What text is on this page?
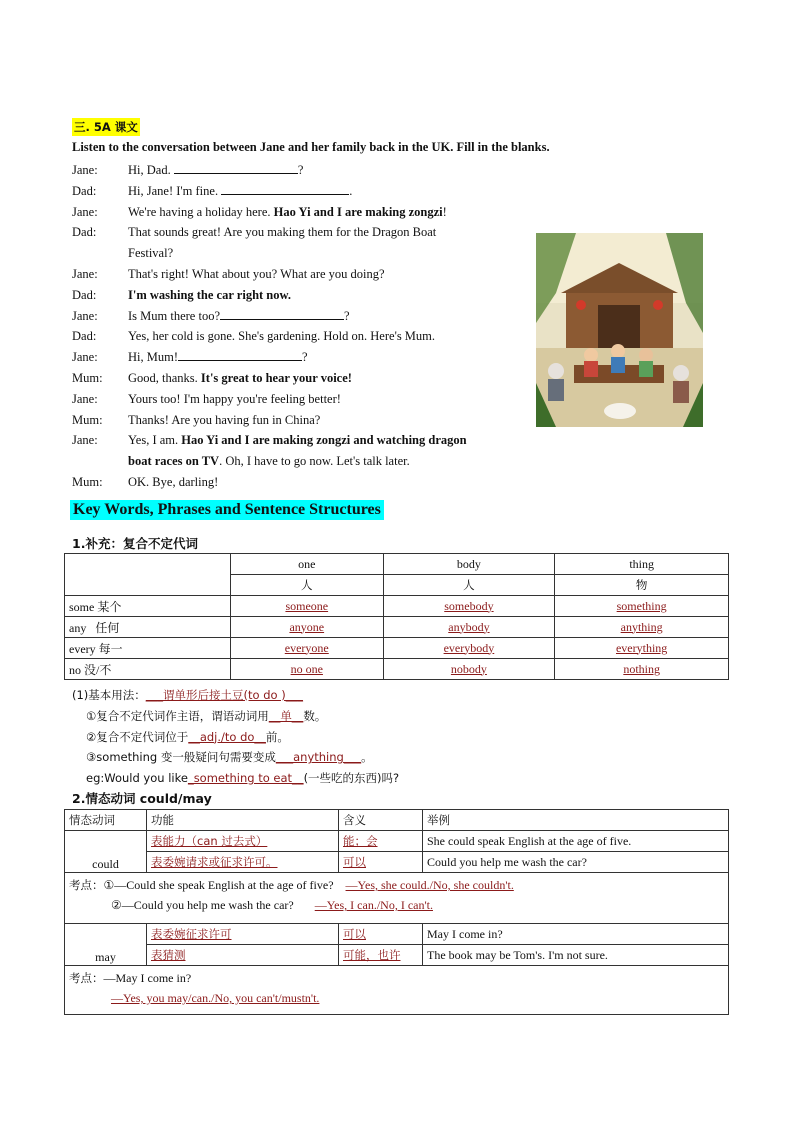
三. 5A 课文
Listen to the conversation between Jane and her family back in the UK. Fill in the blanks.
Jane:	Hi, Dad.	?
Dad:	Hi, Jane! I'm fine.	.
Jane:	We're having a holiday here. Hao Yi and I are making zongzi!
Dad:	That sounds great! Are you making them for the Dragon Boat
Festival?
Jane:	That's right! What about you? What are you doing?
Dad:	I'm washing the car right now.
Jane:	Is Mum there too?	?
Dad:	Yes, her cold is gone. She's gardening. Hold on. Here's Mum.
Jane:	Hi, Mum!	?
Mum:	Good, thanks. It's great to hear your voice!
Jane:	Yours too! I'm happy you're feeling better!
Mum:	Thanks! Are you having fun in China?
Jane:	Yes, I am. Hao Yi and I are making zongzi and watching dragon
boat races on TV. Oh, I have to go now. Let's talk later.
Mum:	OK. Bye, darling!
Key Words, Phrases and Sentence Structures
1.补充：复合不定代词
	one	body	thing
	人	人	物
some 某个	someone	somebody	something
any   任何	anyone	anybody	anything
every 每一	everyone	everybody	everything
no 没/不	no one	nobody	nothing
(1)基本用法：___谓单形后接土豆(to do )___
①复合不定代词作主语，谓语动词用__单__数。
②复合不定代词位于__adj./to do__前。
③something 变一般疑问句需要变成___anything___。
eg:Would you like_something to eat__(一些吃的东西)吗?
2.情态动词 could/may
情态动词	功能	含义	举例
could	表能力（can 过去式）	能；会	She could speak English at the age of five.
	表委婉请求或征求许可。	可以	Could you help me wash the car?

考点：①—Could she speak English at the age of five? —Yes, she could./No, she couldn't.
②—Could you help me wash the car? —Yes, I can./No, I can't.			

may	表委婉征求许可	可以	May I come in?
	表猜测	可能，也许	The book may be Tom's. I'm not sure.

考点：—May I come in?
—Yes, you may/can./No, you can't/mustn't.			
